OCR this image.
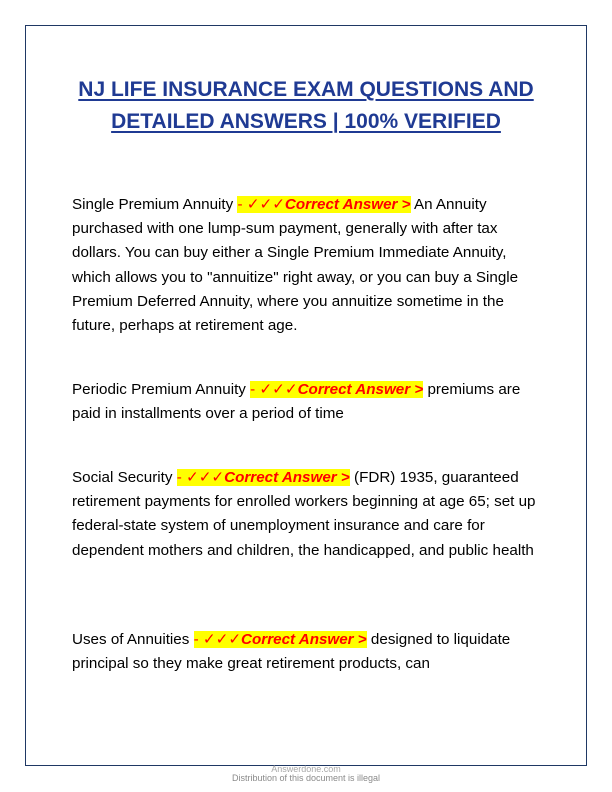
NJ LIFE INSURANCE EXAM QUESTIONS AND
DETAILED ANSWERS | 100% VERIFIED

Single Premium Annuity - ✓✓✓Correct Answer > An Annuity purchased with one lump-sum payment, generally with after tax dollars. You can buy either a Single Premium Immediate Annuity, which allows you to "annuitize" right away, or you can buy a Single Premium Deferred Annuity, where you annuitize sometime in the future, perhaps at retirement age.

Periodic Premium Annuity - ✓✓✓Correct Answer > premiums are paid in installments over a period of time

Social Security - ✓✓✓Correct Answer > (FDR) 1935, guaranteed retirement payments for enrolled workers beginning at age 65; set up federal-state system of unemployment insurance and care for dependent mothers and children, the handicapped, and public health

Uses of Annuities - ✓✓✓Correct Answer > designed to liquidate principal so they make great retirement products, can

Answerdone.com
Distribution of this document is illegal
